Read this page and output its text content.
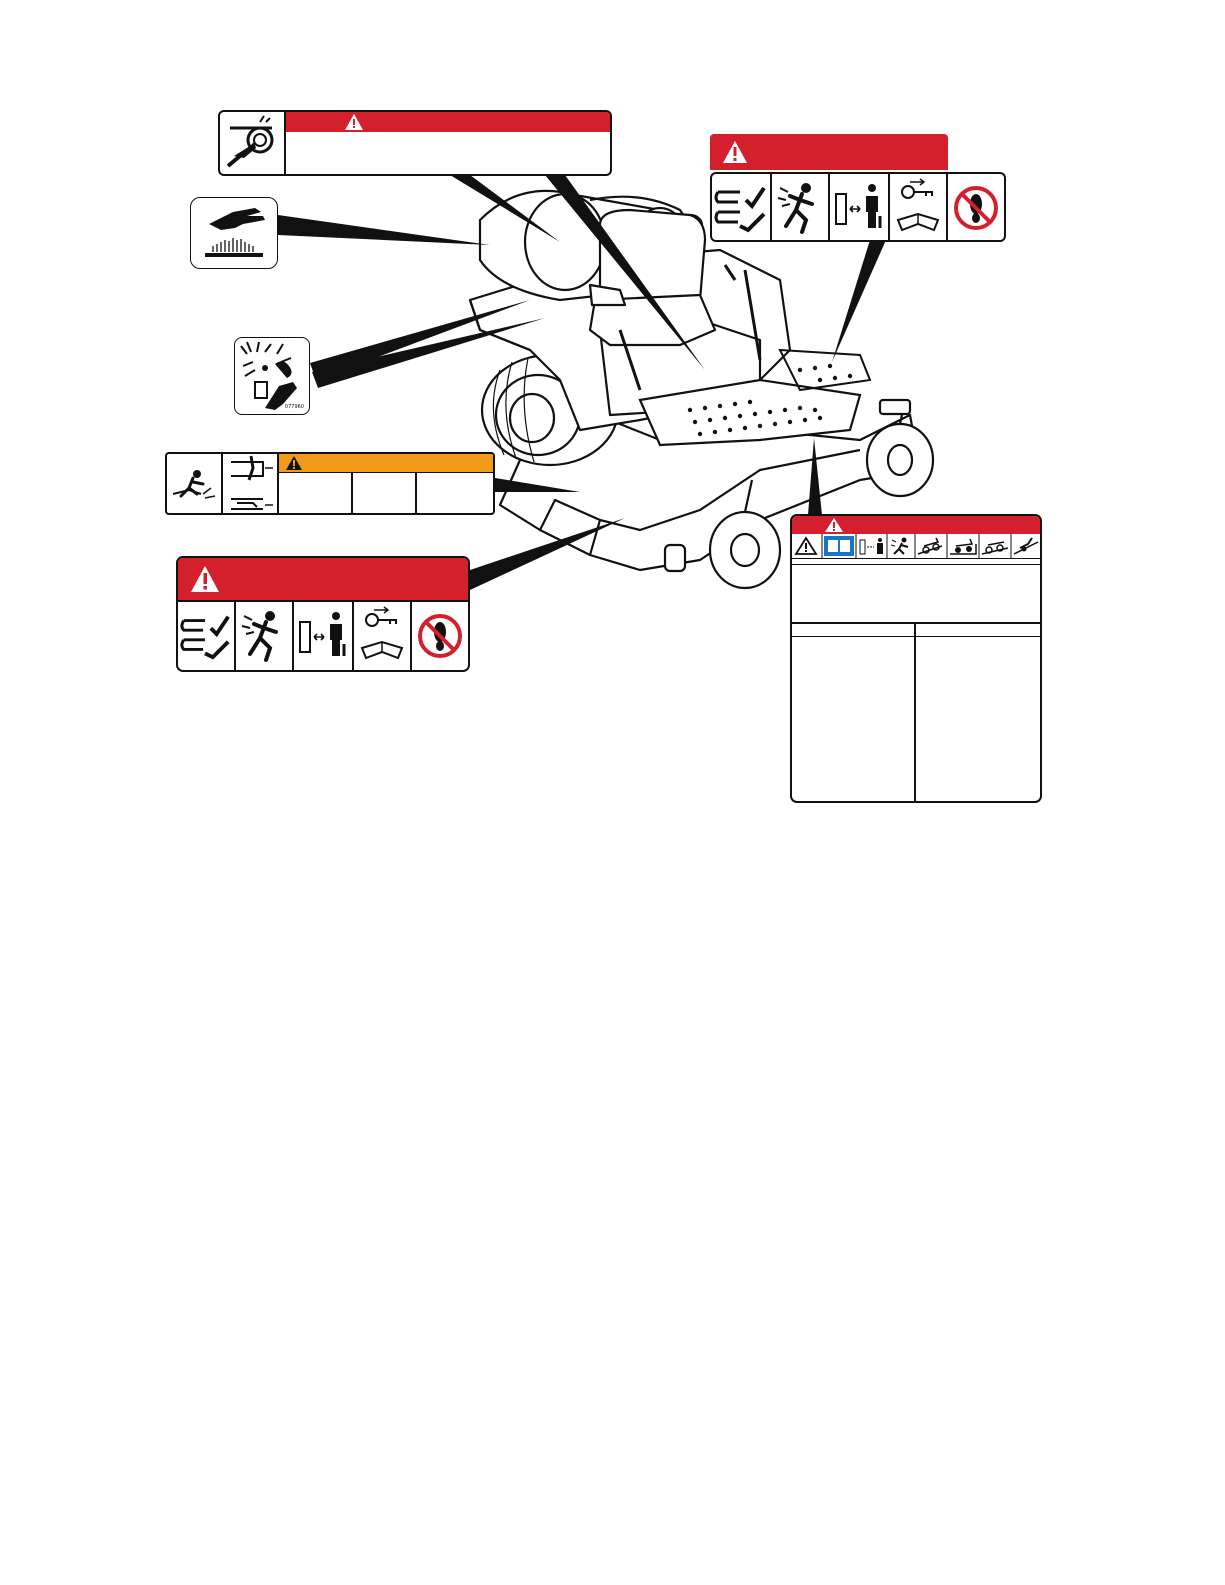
077960
